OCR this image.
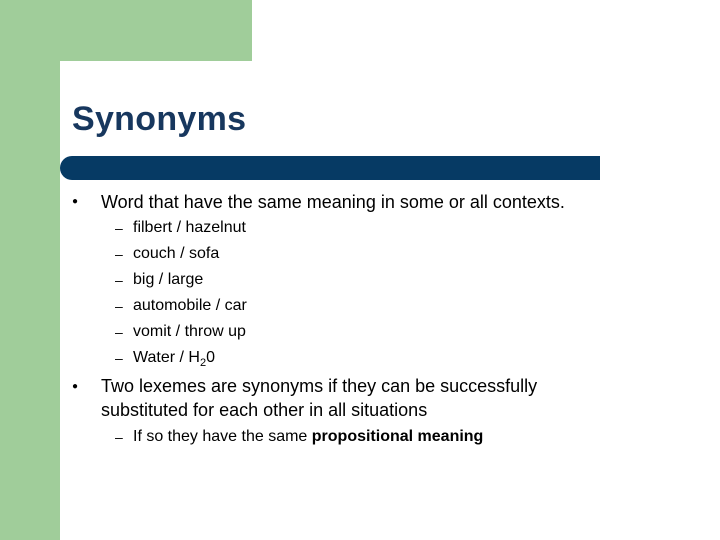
Synonyms
● Word that have the same meaning in some or all contexts.
– filbert / hazelnut
– couch / sofa
– big / large
– automobile / car
– vomit / throw up
– Water / $H_20$
● Two lexemes are synonyms if they can be successfully
substituted for each other in all situations
– If so they have the same propositional meaning
